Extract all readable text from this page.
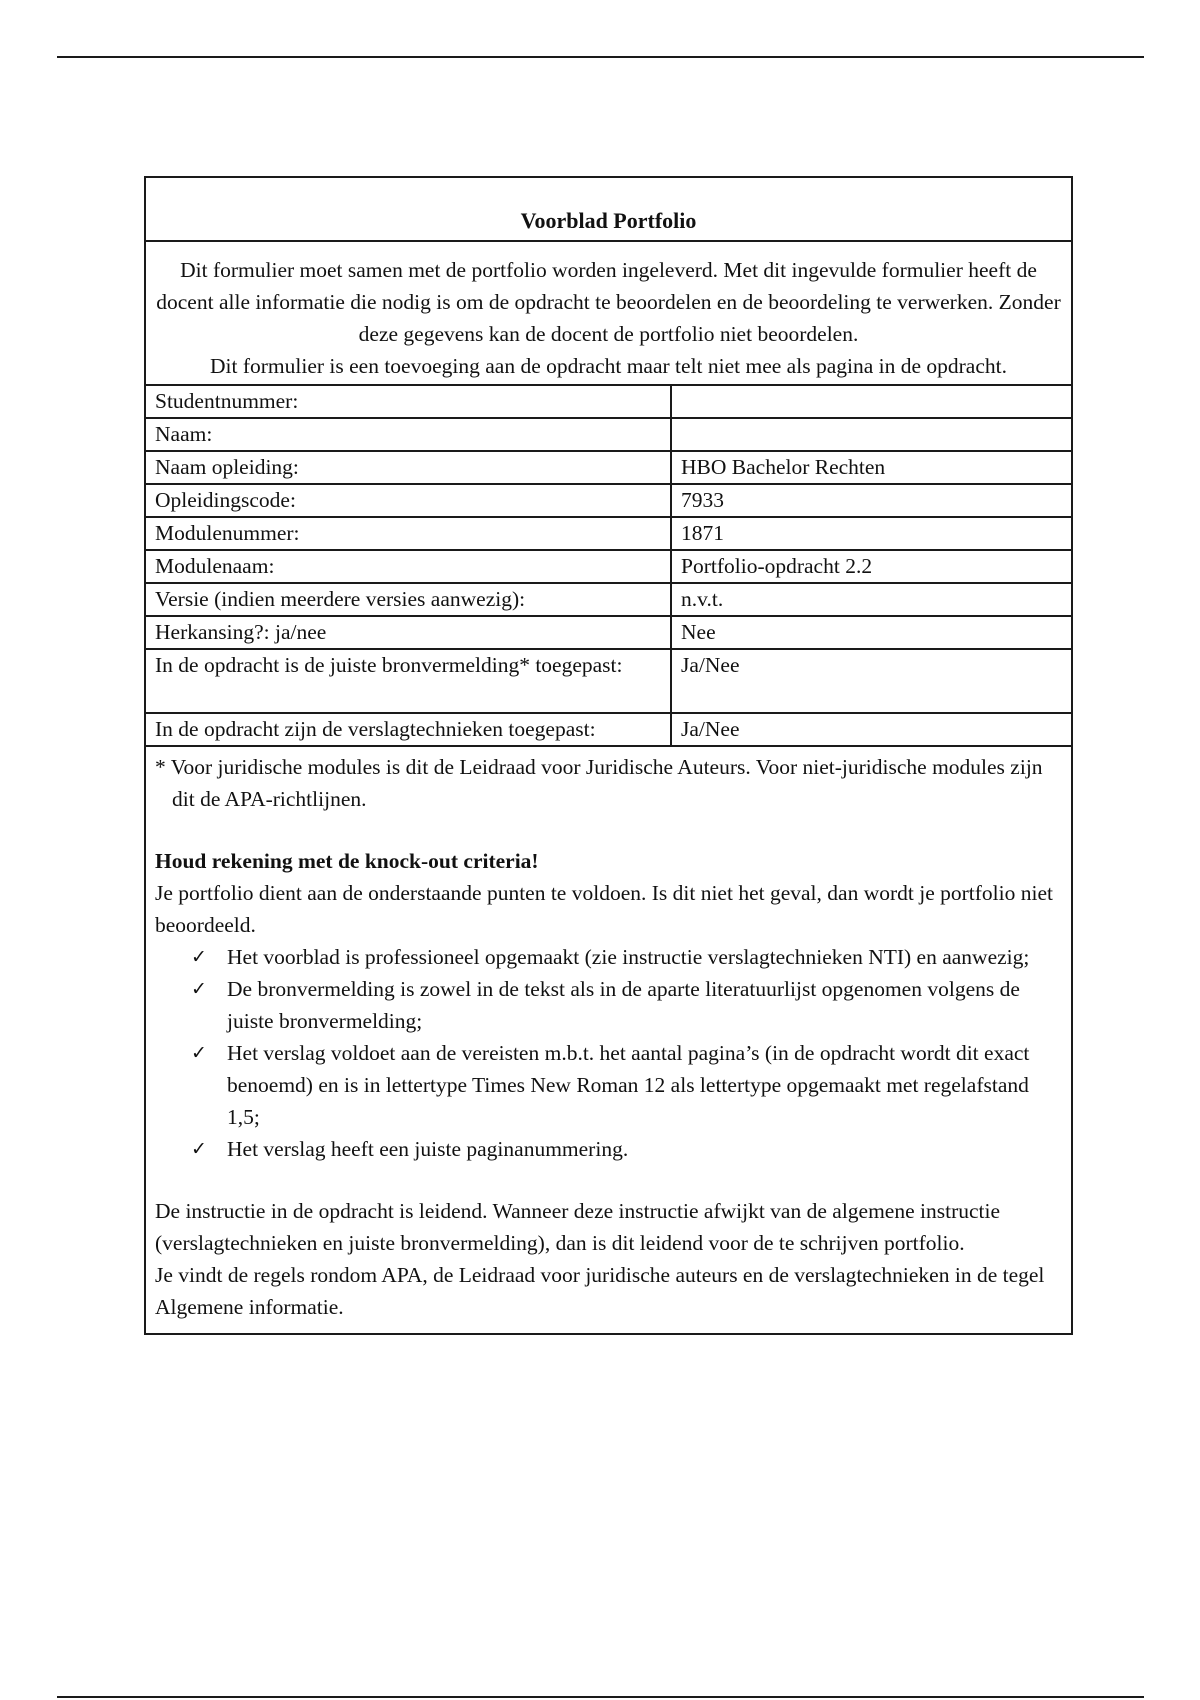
Voorblad Portfolio

Dit formulier moet samen met de portfolio worden ingeleverd. Met dit ingevulde formulier heeft de docent alle informatie die nodig is om de opdracht te beoordelen en de beoordeling te verwerken. Zonder deze gegevens kan de docent de portfolio niet beoordelen.

Dit formulier is een toevoeging aan de opdracht maar telt niet mee als pagina in de opdracht.

Studentnummer:	
Naam:	
Naam opleiding:	HBO Bachelor Rechten
Opleidingscode:	7933
Modulenummer:	1871
Modulenaam:	Portfolio-opdracht 2.2
Versie (indien meerdere versies aanwezig):	n.v.t.
Herkansing?: ja/nee	Nee
In de opdracht is de juiste bronvermelding* toegepast:	Ja/Nee
In de opdracht zijn de verslagtechnieken toegepast:	Ja/Nee

* Voor juridische modules is dit de Leidraad voor Juridische Auteurs. Voor niet-juridische modules zijn dit de APA-richtlijnen.

Houd rekening met de knock-out criteria!

Je portfolio dient aan de onderstaande punten te voldoen. Is dit niet het geval, dan wordt je portfolio niet beoordeeld.

✓ Het voorblad is professioneel opgemaakt (zie instructie verslagtechnieken NTI) en aanwezig;
✓ De bronvermelding is zowel in de tekst als in de aparte literatuurlijst opgenomen volgens de juiste bronvermelding;
✓ Het verslag voldoet aan de vereisten m.b.t. het aantal pagina’s (in de opdracht wordt dit exact benoemd) en is in lettertype Times New Roman 12 als lettertype opgemaakt met regelafstand 1,5;
✓ Het verslag heeft een juiste paginanummering.

De instructie in de opdracht is leidend. Wanneer deze instructie afwijkt van de algemene instructie (verslagtechnieken en juiste bronvermelding), dan is dit leidend voor de te schrijven portfolio.

Je vindt de regels rondom APA, de Leidraad voor juridische auteurs en de verslagtechnieken in de tegel Algemene informatie.
